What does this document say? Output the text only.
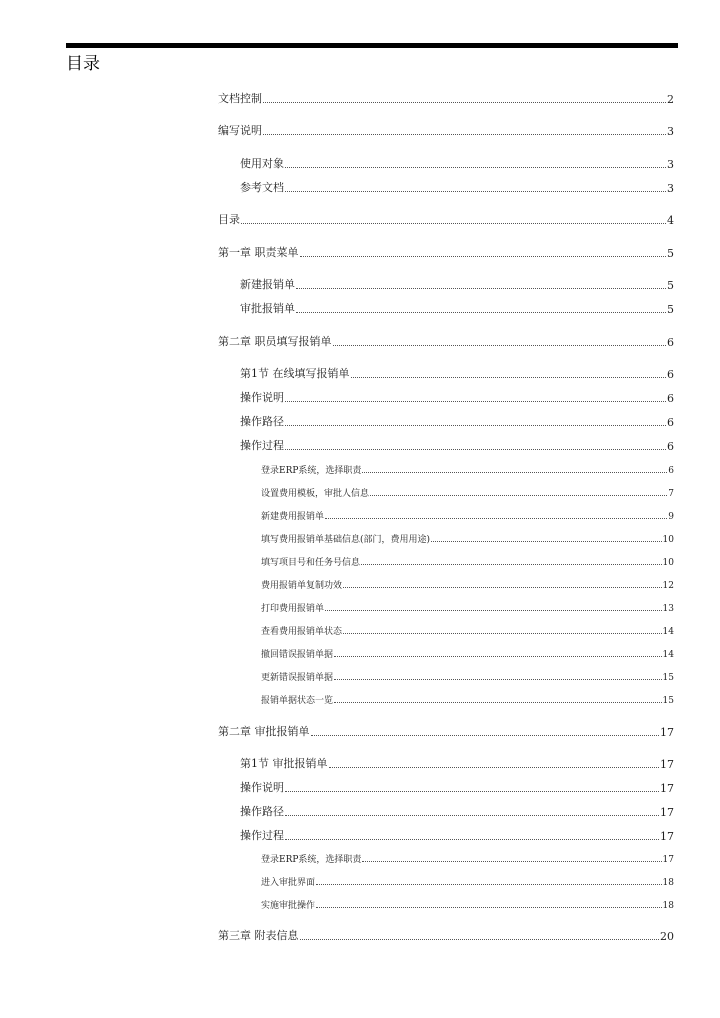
目录
文档控制	2
编写说明	3
使用对象	3
参考文档	3
目录	4
第一章 职责菜单	5
新建报销单	5
审批报销单	5
第二章 职员填写报销单	6
第1节 在线填写报销单	6
操作说明	6
操作路径	6
操作过程	6
登录ERP系统，选择职责	6
设置费用模板，审批人信息	7
新建费用报销单	9
填写费用报销单基础信息(部门，费用用途)	10
填写项目号和任务号信息	10
费用报销单复制功效	12
打印费用报销单	13
查看费用报销单状态	14
撤回错误报销单据	14
更新错误报销单据	15
报销单据状态一览	15
第二章 审批报销单	17
第1节 审批报销单	17
操作说明	17
操作路径	17
操作过程	17
登录ERP系统，选择职责	17
进入审批界面	18
实施审批操作	18
第三章 附表信息	20
